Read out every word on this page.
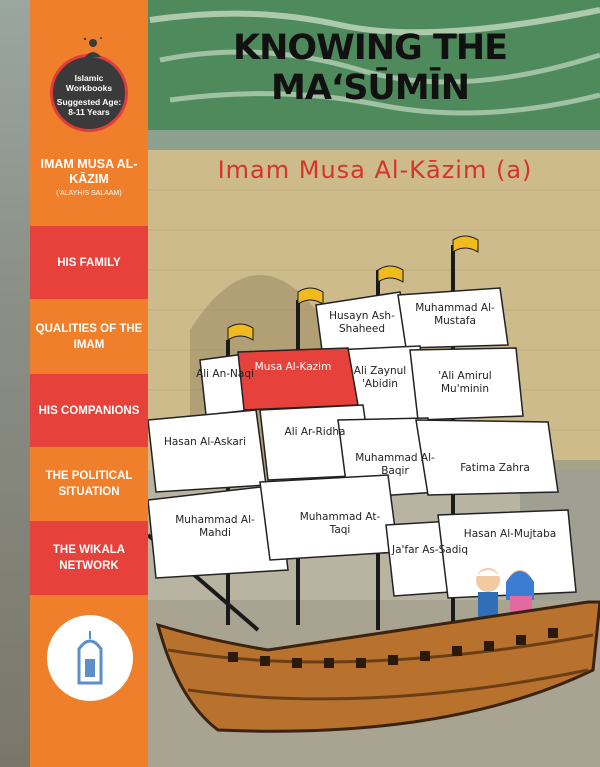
Islamic Workbooks
Suggested Age: 8-11 Years
IMAM MUSA AL-KĀZIM
('ALAYHIS SALAAM)
HIS FAMILY
QUALITIES OF THE IMAM
HIS COMPANIONS
THE POLITICAL SITUATION
THE WIKALA NETWORK
KNOWING THE MA‘SŪMĪN
Imam Musa Al-Kāzim (a)
Husayn Ash-Shaheed
Muhammad Al-Mustafa
Musa Al-Kazim
Ali An-Naqi	Ali Zaynul 'Abidin
'Ali Amirul Mu'minin
Hasan Al-Askari
Ali Ar-Ridha
Muhammad Al-Baqir	Fatima Zahra
Muhammad Al-Mahdi
Muhammad At-Taqi
Ja'far As-Sadiq
Hasan Al-Mujtaba
